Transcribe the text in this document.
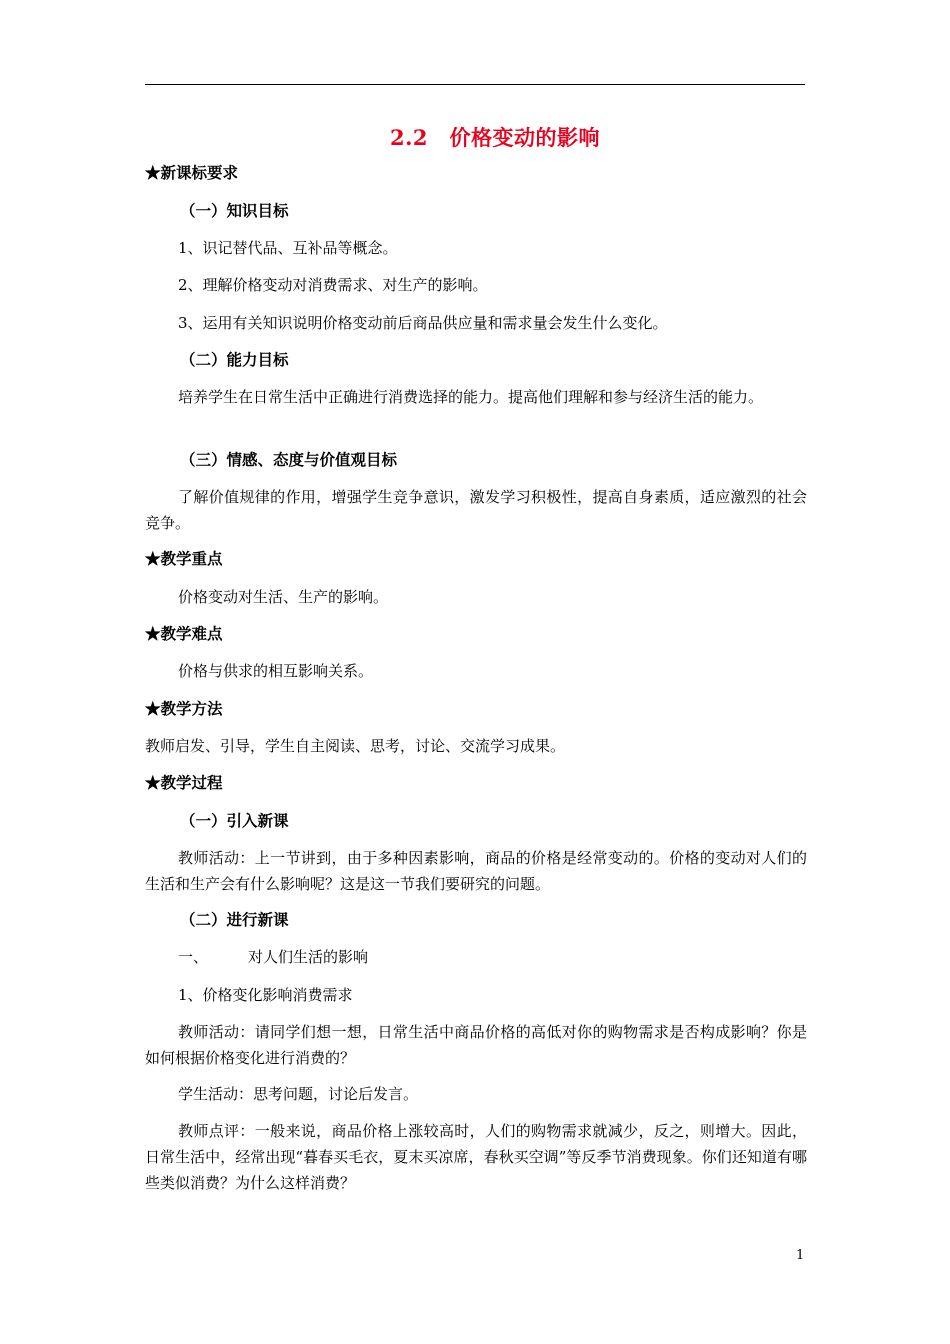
2.2　价格变动的影响
★新课标要求
（一）知识目标
1、识记替代品、互补品等概念。
2、理解价格变动对消费需求、对生产的影响。
3、运用有关知识说明价格变动前后商品供应量和需求量会发生什么变化。
（二）能力目标
培养学生在日常生活中正确进行消费选择的能力。提高他们理解和参与经济生活的能力。
（三）情感、态度与价值观目标
了解价值规律的作用，增强学生竞争意识，激发学习积极性，提高自身素质，适应激烈的社会竞争。
★教学重点
价格变动对生活、生产的影响。
★教学难点
价格与供求的相互影响关系。
★教学方法
教师启发、引导，学生自主阅读、思考，讨论、交流学习成果。
★教学过程
（一）引入新课
教师活动：上一节讲到，由于多种因素影响，商品的价格是经常变动的。价格的变动对人们的生活和生产会有什么影响呢？这是这一节我们要研究的问题。
（二）进行新课
一、	对人们生活的影响
1、价格变化影响消费需求
教师活动：请同学们想一想，日常生活中商品价格的高低对你的购物需求是否构成影响？你是如何根据价格变化进行消费的？
学生活动：思考问题，讨论后发言。
教师点评：一般来说，商品价格上涨较高时，人们的购物需求就减少，反之，则增大。因此，日常生活中，经常出现“暮春买毛衣，夏末买凉席，春秋买空调”等反季节消费现象。你们还知道有哪些类似消费？为什么这样消费？
1
